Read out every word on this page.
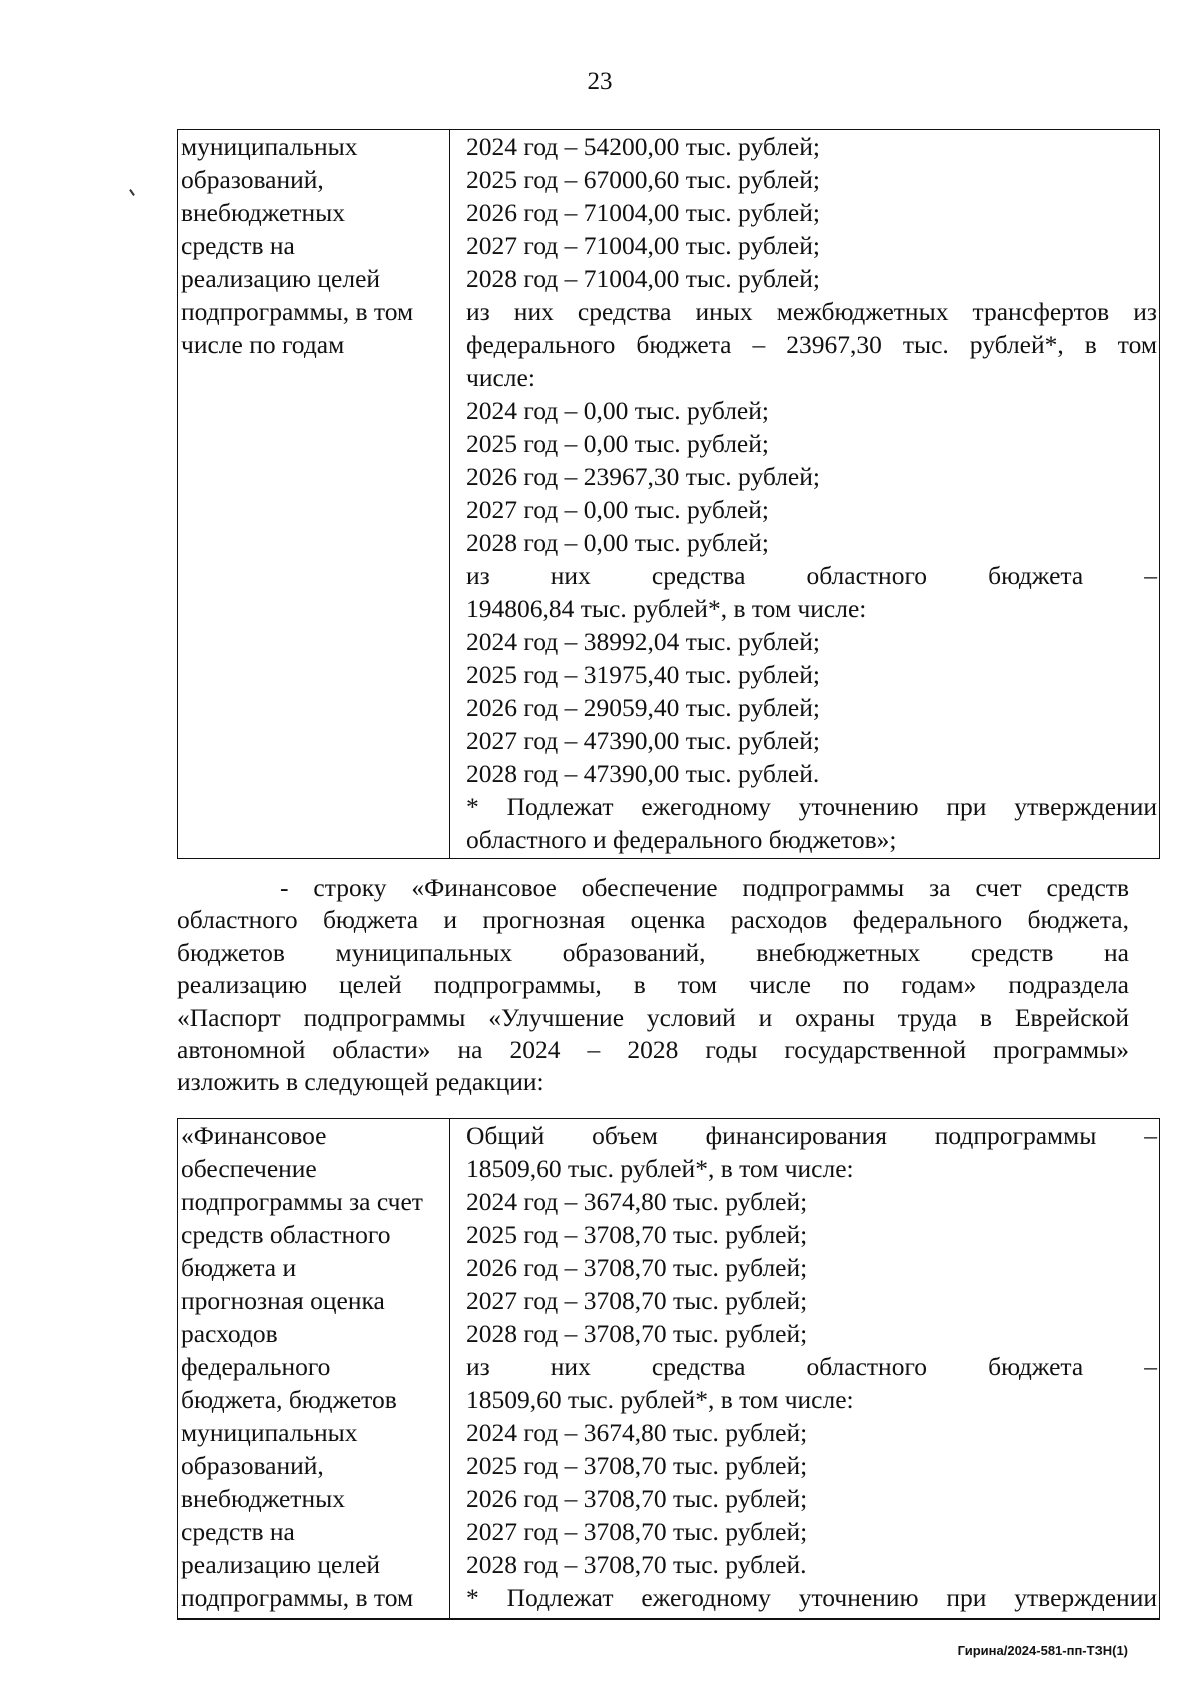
23
муниципальных
образований,
внебюджетных
средств на
реализацию целей
подпрограммы, в том
числе по годам
2024 год – 54200,00 тыс. рублей;
2025 год – 67000,60 тыс. рублей;
2026 год – 71004,00 тыс. рублей;
2027 год – 71004,00 тыс. рублей;
2028 год – 71004,00 тыс. рублей;
из них средства иных межбюджетных трансфертов из
федерального бюджета – 23967,30 тыс. рублей*, в том
числе:
2024 год – 0,00 тыс. рублей;
2025 год – 0,00 тыс. рублей;
2026 год – 23967,30 тыс. рублей;
2027 год – 0,00 тыс. рублей;
2028 год – 0,00 тыс. рублей;
из них средства областного бюджета –
194806,84 тыс. рублей*, в том числе:
2024 год – 38992,04 тыс. рублей;
2025 год – 31975,40 тыс. рублей;
2026 год – 29059,40 тыс. рублей;
2027 год – 47390,00 тыс. рублей;
2028 год – 47390,00 тыс. рублей.
* Подлежат ежегодному уточнению при утверждении
областного и федерального бюджетов»;
- строку «Финансовое обеспечение подпрограммы за счет средств
областного бюджета и прогнозная оценка расходов федерального бюджета,
бюджетов муниципальных образований, внебюджетных средств на
реализацию целей подпрограммы, в том числе по годам» подраздела
«Паспорт подпрограммы «Улучшение условий и охраны труда в Еврейской
автономной области» на 2024 – 2028 годы государственной программы»
изложить в следующей редакции:
«Финансовое
обеспечение
подпрограммы за счет
средств областного
бюджета и
прогнозная оценка
расходов
федерального
бюджета, бюджетов
муниципальных
образований,
внебюджетных
средств на
реализацию целей
подпрограммы, в том
Общий объем финансирования подпрограммы –
18509,60 тыс. рублей*, в том числе:
2024 год – 3674,80 тыс. рублей;
2025 год – 3708,70 тыс. рублей;
2026 год – 3708,70 тыс. рублей;
2027 год – 3708,70 тыс. рублей;
2028 год – 3708,70 тыс. рублей;
из них средства областного бюджета –
18509,60 тыс. рублей*, в том числе:
2024 год – 3674,80 тыс. рублей;
2025 год – 3708,70 тыс. рублей;
2026 год – 3708,70 тыс. рублей;
2027 год – 3708,70 тыс. рублей;
2028 год – 3708,70 тыс. рублей.
* Подлежат ежегодному уточнению при утверждении
Гирина/2024-581-пп-ТЗН(1)
